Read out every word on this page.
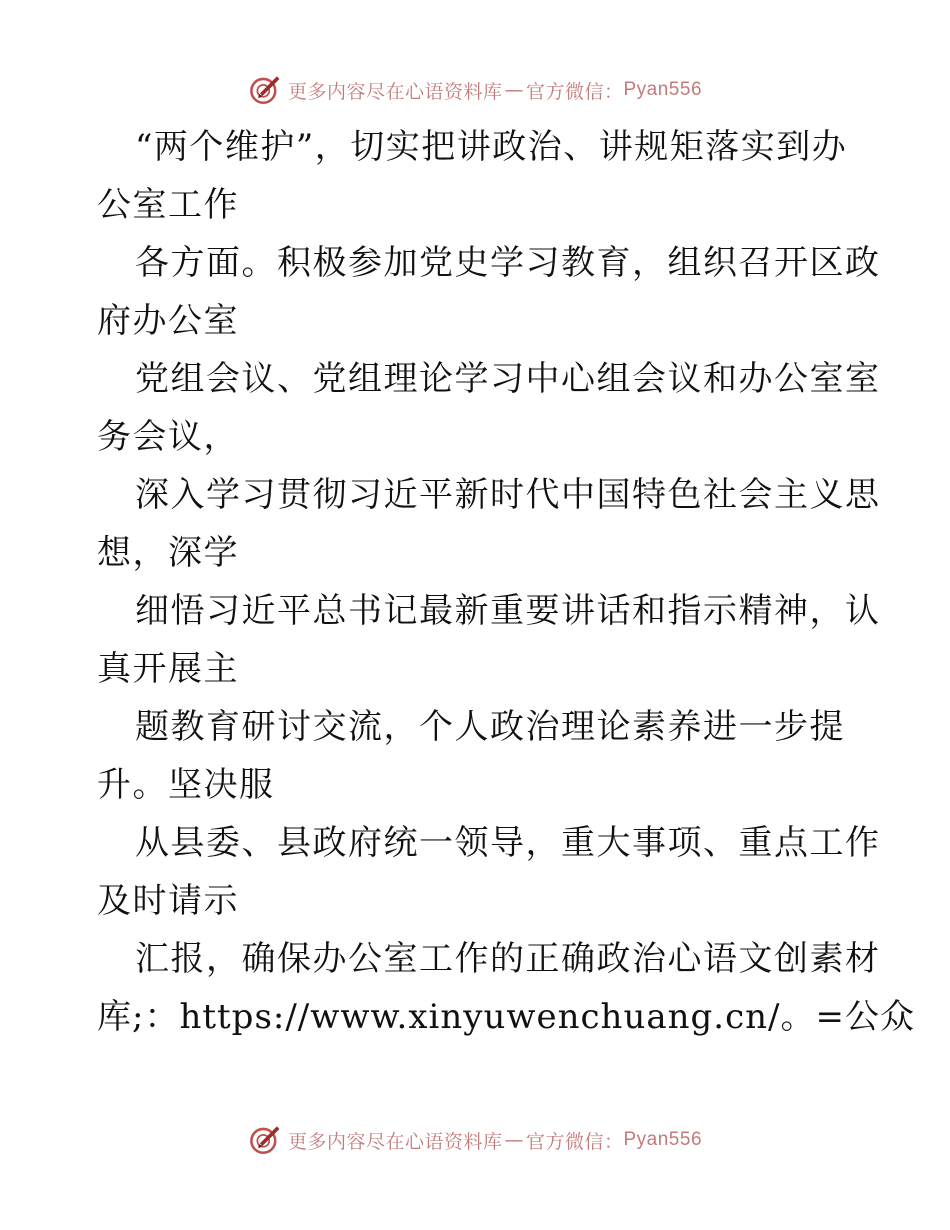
更多内容尽在心语资料库 — 官方微信： Pyan556
“两个维护”，切实把讲政治、讲规矩落实到办
公室工作
各方面。积极参加党史学习教育，组织召开区政
府办公室
党组会议、党组理论学习中心组会议和办公室室
务会议，
深入学习贯彻习近平新时代中国特色社会主义思
想，深学
细悟习近平总书记最新重要讲话和指示精神，认
真开展主
题教育研讨交流，个人政治理论素养进一步提
升。坚决服
从县委、县政府统一领导，重大事项、重点工作
及时请示
汇报，确保办公室工作的正确政治心语文创素材
库;：https://www.xinyuwenchuang.cn/。=公众
更多内容尽在心语资料库 — 官方微信： Pyan556
